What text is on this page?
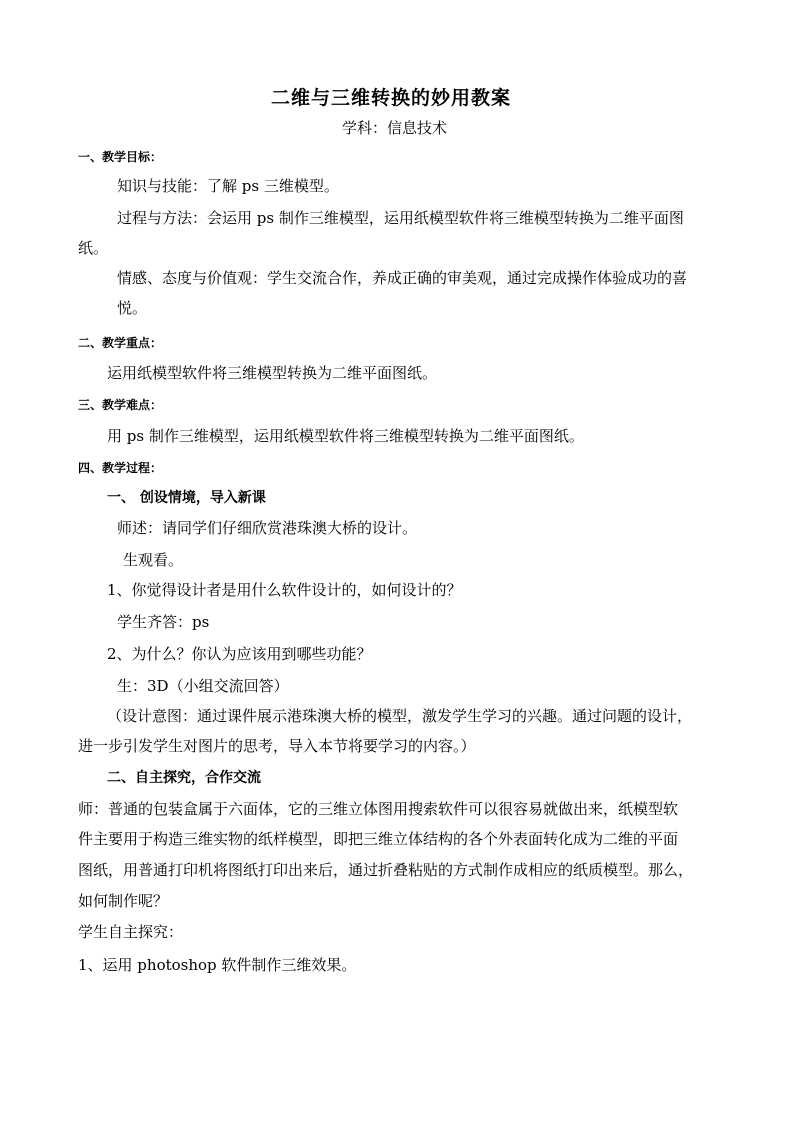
二维与三维转换的妙用教案
学科：信息技术
一、教学目标：
知识与技能：了解 ps 三维模型。
过程与方法：会运用 ps 制作三维模型，运用纸模型软件将三维模型转换为二维平面图
纸。
情感、态度与价值观：学生交流合作，养成正确的审美观，通过完成操作体验成功的喜
悦。
二、教学重点：
运用纸模型软件将三维模型转换为二维平面图纸。
三、教学难点：
用 ps 制作三维模型，运用纸模型软件将三维模型转换为二维平面图纸。
四、教学过程：
一、 创设情境，导入新课
师述：请同学们仔细欣赏港珠澳大桥的设计。
生观看。
1、你觉得设计者是用什么软件设计的，如何设计的？
学生齐答：ps
2、为什么？你认为应该用到哪些功能？
生：3D（小组交流回答）
（设计意图：通过课件展示港珠澳大桥的模型，激发学生学习的兴趣。通过问题的设计，
进一步引发学生对图片的思考，导入本节将要学习的内容。）
二、自主探究，合作交流
师：普通的包装盒属于六面体，它的三维立体图用搜索软件可以很容易就做出来，纸模型软
件主要用于构造三维实物的纸样模型，即把三维立体结构的各个外表面转化成为二维的平面
图纸，用普通打印机将图纸打印出来后，通过折叠粘贴的方式制作成相应的纸质模型。那么，
如何制作呢？
学生自主探究：
1、运用 photoshop 软件制作三维效果。
